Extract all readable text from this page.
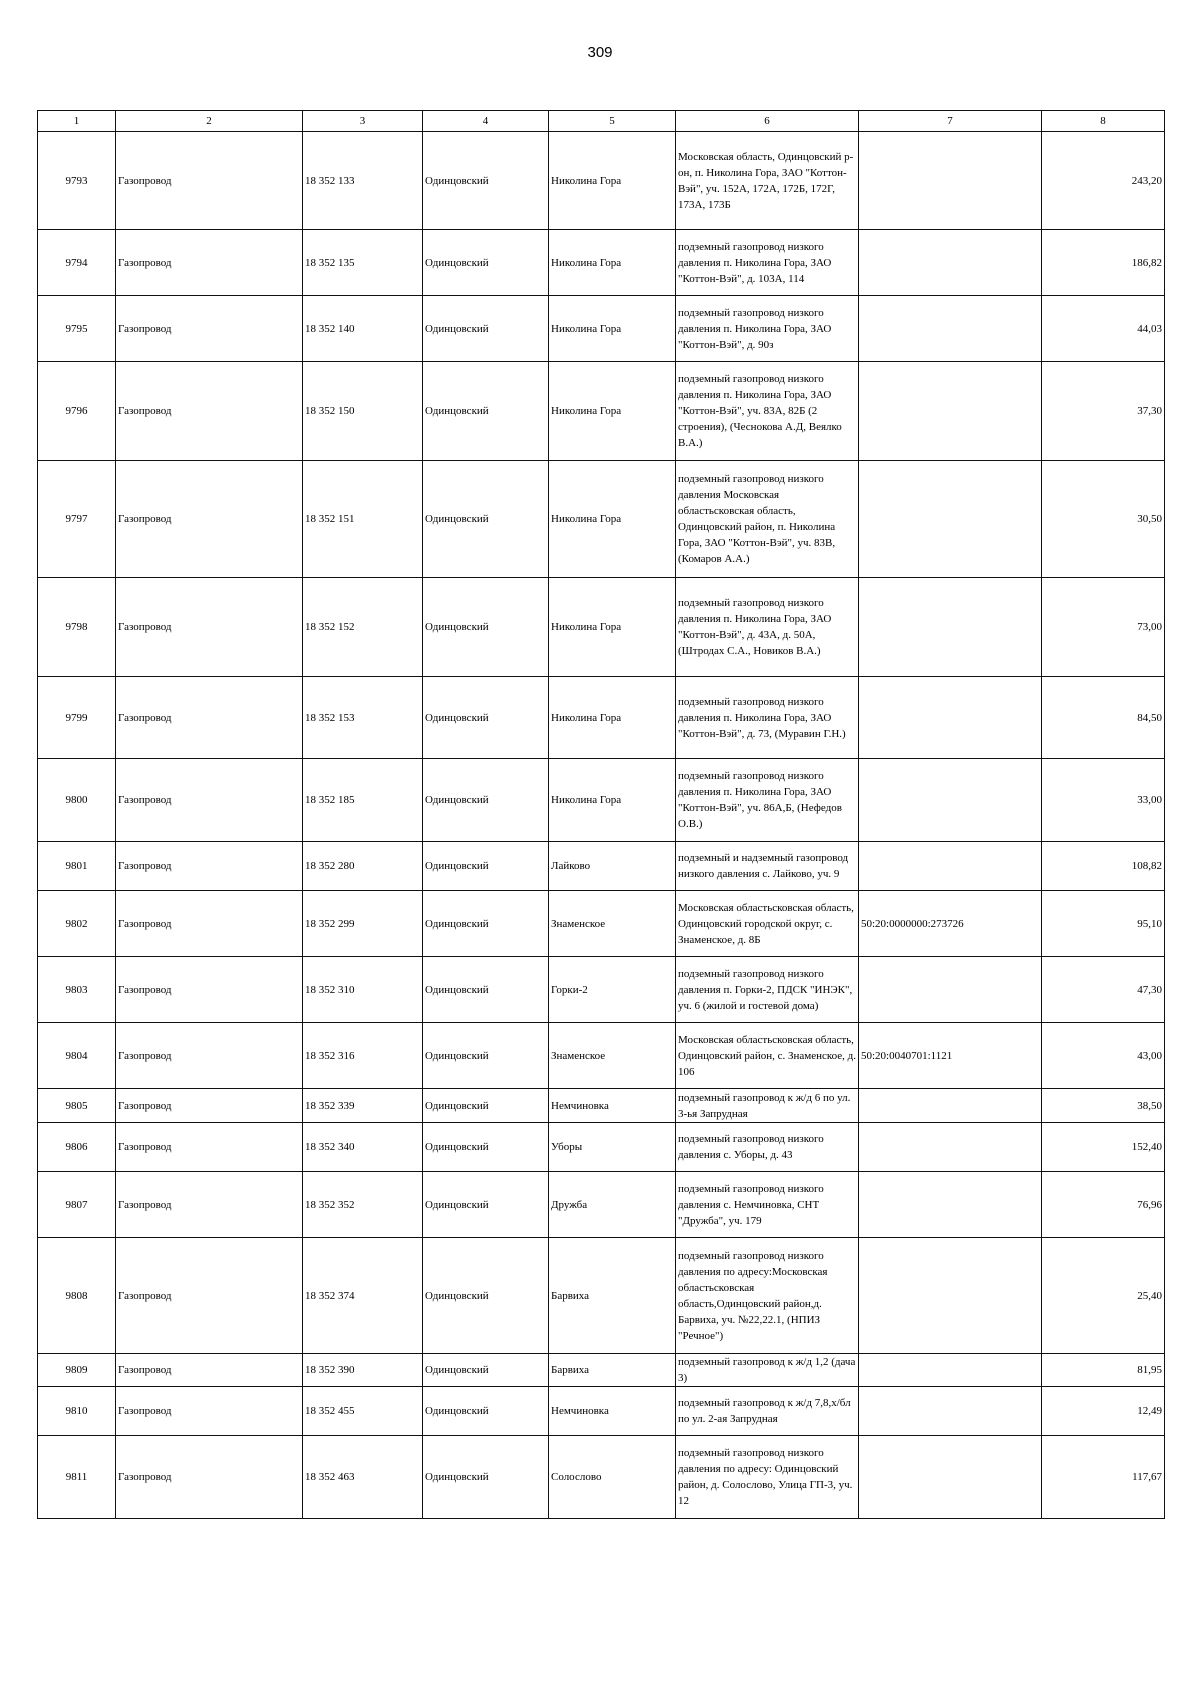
309
1	2	3	4	5	6	7	8
9793	Газопровод	18 352 133	Одинцовский	Николина Гора	Московская область, Одинцовский р-он, п. Николина Гора, ЗАО "Коттон-Вэй", уч. 152А, 172А, 172Б, 172Г, 173А, 173Б		243,20
9794	Газопровод	18 352 135	Одинцовский	Николина Гора	подземный газопровод низкого давления п. Николина Гора, ЗАО "Коттон-Вэй", д. 103А, 114		186,82
9795	Газопровод	18 352 140	Одинцовский	Николина Гора	подземный газопровод низкого давления п. Николина Гора, ЗАО "Коттон-Вэй", д. 90з		44,03
9796	Газопровод	18 352 150	Одинцовский	Николина Гора	подземный газопровод низкого давления п. Николина Гора, ЗАО "Коттон-Вэй", уч. 83А, 82Б (2 строения), (Чеснокова А.Д, Веялко В.А.)		37,30
9797	Газопровод	18 352 151	Одинцовский	Николина Гора	подземный газопровод низкого давления Московская областьсковская область, Одинцовский район, п. Николина Гора, ЗАО "Коттон-Вэй", уч. 83В, (Комаров А.А.)		30,50
9798	Газопровод	18 352 152	Одинцовский	Николина Гора	подземный газопровод низкого давления п. Николина Гора, ЗАО "Коттон-Вэй", д. 43А, д. 50А, (Штродах С.А., Новиков В.А.)		73,00
9799	Газопровод	18 352 153	Одинцовский	Николина Гора	подземный газопровод низкого давления п. Николина Гора, ЗАО "Коттон-Вэй", д. 73, (Муравин Г.Н.)		84,50
9800	Газопровод	18 352 185	Одинцовский	Николина Гора	подземный газопровод низкого давления п. Николина Гора, ЗАО "Коттон-Вэй", уч. 86А,Б, (Нефедов О.В.)		33,00
9801	Газопровод	18 352 280	Одинцовский	Лайково	подземный и надземный газопровод низкого давления с. Лайково, уч. 9		108,82
9802	Газопровод	18 352 299	Одинцовский	Знаменское	Московская областьсковская область, Одинцовский городской округ, с. Знаменское, д. 8Б	50:20:0000000:273726	95,10
9803	Газопровод	18 352 310	Одинцовский	Горки-2	подземный газопровод низкого давления п. Горки-2, ПДСК "ИНЭК", уч. 6 (жилой и гостевой дома)		47,30
9804	Газопровод	18 352 316	Одинцовский	Знаменское	Московская областьсковская область, Одинцовский район, с. Знаменское, д. 106	50:20:0040701:1121	43,00
9805	Газопровод	18 352 339	Одинцовский	Немчиновка	подземный газопровод к ж/д 6 по ул. 3-ья Запрудная		38,50
9806	Газопровод	18 352 340	Одинцовский	Уборы	подземный газопровод низкого давления с. Уборы, д. 43		152,40
9807	Газопровод	18 352 352	Одинцовский	Дружба	подземный газопровод низкого давления с. Немчиновка, СНТ "Дружба", уч. 179		76,96
9808	Газопровод	18 352 374	Одинцовский	Барвиха	подземный газопровод низкого давления по адресу:Московская областьсковская область,Одинцовский район,д. Барвиха, уч. №22,22.1, (НПИЗ "Речное")		25,40
9809	Газопровод	18 352 390	Одинцовский	Барвиха	подземный газопровод к ж/д 1,2 (дача 3)		81,95
9810	Газопровод	18 352 455	Одинцовский	Немчиновка	подземный газопровод к ж/д 7,8,х/бл по ул. 2-ая Запрудная		12,49
9811	Газопровод	18 352 463	Одинцовский	Солослово	подземный газопровод низкого давления по адресу: Одинцовский район, д. Солослово, Улица ГП-3, уч. 12		117,67
